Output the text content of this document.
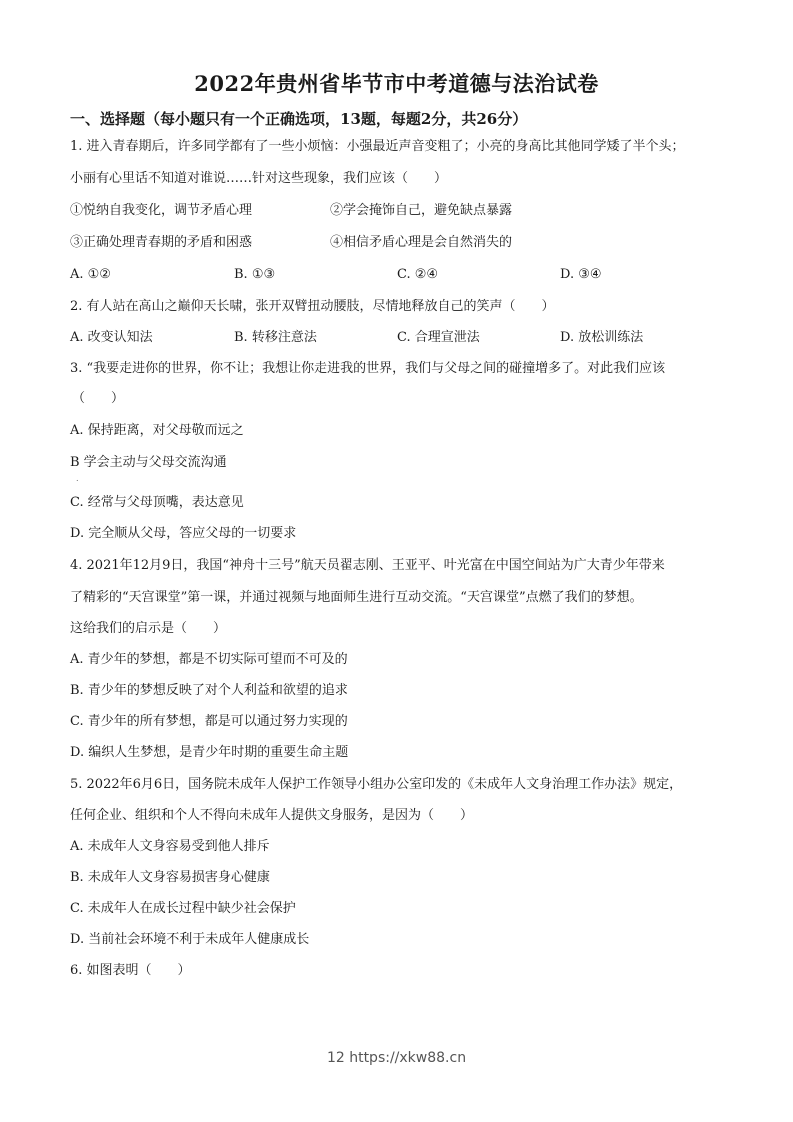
2022年贵州省毕节市中考道德与法治试卷
一、选择题（每小题只有一个正确选项，13题，每题2分，共26分）
1. 进入青春期后，许多同学都有了一些小烦恼：小强最近声音变粗了；小亮的身高比其他同学矮了半个头；
小丽有心里话不知道对谁说……针对这些现象，我们应该（　　）
①悦纳自我变化，调节矛盾心理	②学会掩饰自己，避免缺点暴露
③正确处理青春期的矛盾和困惑	④相信矛盾心理是会自然消失的
A. ①②	B. ①③	C. ②④	D. ③④
2. 有人站在高山之巅仰天长啸，张开双臂扭动腰肢，尽情地释放自己的笑声（　　）
A. 改变认知法	B. 转移注意法	C. 合理宣泄法	D. 放松训练法
3. “我要走进你的世界，你不让；我想让你走进我的世界，我们与父母之间的碰撞增多了。对此我们应该
（　　）
A. 保持距离，对父母敬而远之
B 学会主动与父母交流沟通
.
C. 经常与父母顶嘴，表达意见
D. 完全顺从父母，答应父母的一切要求
4. 2021年12月9日，我国“神舟十三号”航天员翟志刚、王亚平、叶光富在中国空间站为广大青少年带来
了精彩的“天宫课堂”第一课，并通过视频与地面师生进行互动交流。“天宫课堂”点燃了我们的梦想。
这给我们的启示是（　　）
A. 青少年的梦想，都是不切实际可望而不可及的
B. 青少年的梦想反映了对个人利益和欲望的追求
C. 青少年的所有梦想，都是可以通过努力实现的
D. 编织人生梦想，是青少年时期的重要生命主题
5. 2022年6月6日，国务院未成年人保护工作领导小组办公室印发的《未成年人文身治理工作办法》规定，
任何企业、组织和个人不得向未成年人提供文身服务，是因为（　　）
A. 未成年人文身容易受到他人排斥
B. 未成年人文身容易损害身心健康
C. 未成年人在成长过程中缺少社会保护
D. 当前社会环境不利于未成年人健康成长
6. 如图表明（　　）
12 https://xkw88.cn
